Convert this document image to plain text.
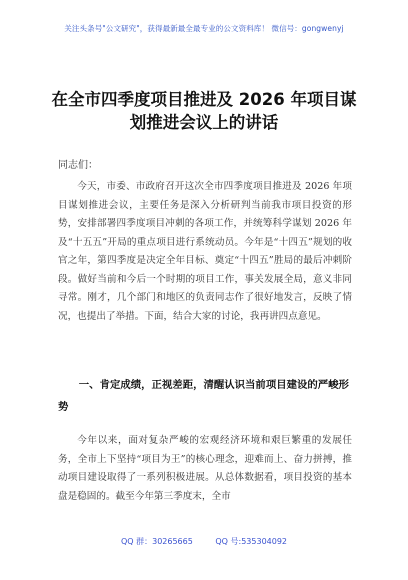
关注头条号"公文研究"，获得最新最全最专业的公文资料库！ 微信号：gongwenyj
在全市四季度项目推进及 2026 年项目谋划推进会议上的讲话
同志们：
今天，市委、市政府召开这次全市四季度项目推进及 2026 年项目谋划推进会议，主要任务是深入分析研判当前我市项目投资的形势，安排部署四季度项目冲刺的各项工作，并统筹科学谋划 2026 年及“十五五”开局的重点项目进行系统动员。今年是“十四五”规划的收官之年，第四季度是决定全年目标、奠定“十四五”胜局的最后冲刺阶段。做好当前和今后一个时期的项目工作，事关发展全局，意义非同寻常。刚才，几个部门和地区的负责同志作了很好地发言，反映了情况，也提出了举措。下面，结合大家的讨论，我再讲四点意见。
一、肯定成绩，正视差距，清醒认识当前项目建设的严峻形势
今年以来，面对复杂严峻的宏观经济环境和艰巨繁重的发展任务，全市上下坚持“项目为王”的核心理念，迎难而上、奋力拼搏，推动项目建设取得了一系列积极进展。从总体数据看，项目投资的基本盘是稳固的。截至今年第三季度末，全市
QQ 群：30265665	QQ 号:535304092
